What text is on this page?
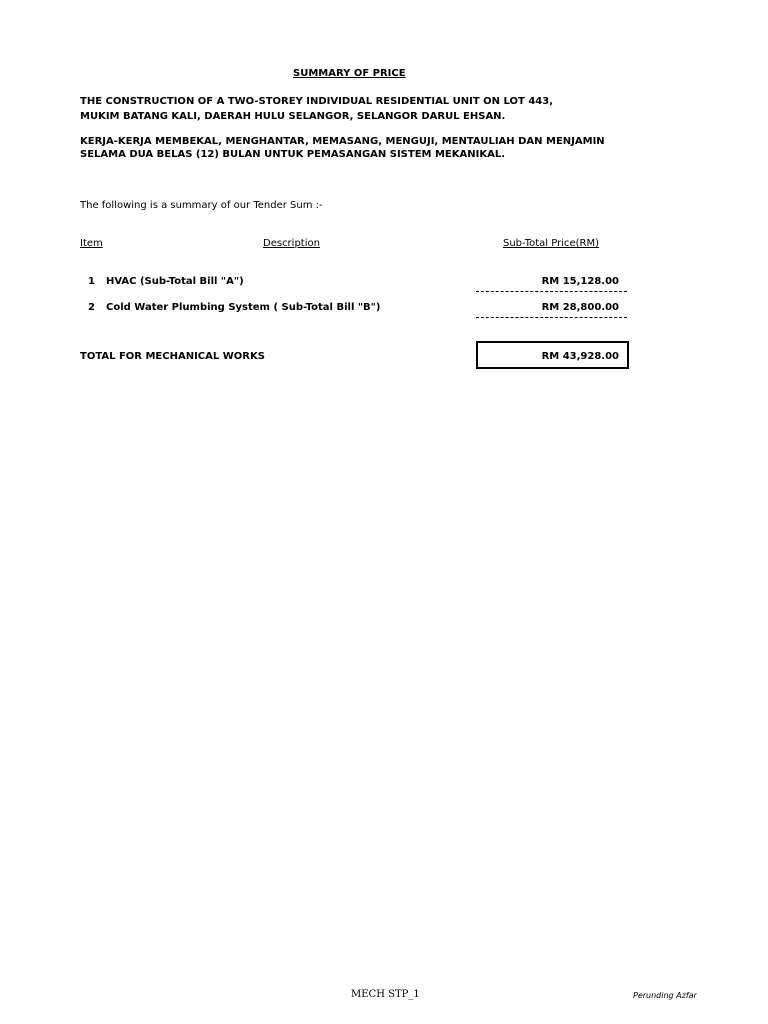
SUMMARY OF PRICE
THE CONSTRUCTION OF A TWO-STOREY INDIVIDUAL RESIDENTIAL UNIT ON LOT 443,
MUKIM BATANG KALI, DAERAH HULU SELANGOR, SELANGOR DARUL EHSAN.
KERJA-KERJA MEMBEKAL, MENGHANTAR, MEMASANG, MENGUJI, MENTAULIAH DAN MENJAMIN
SELAMA DUA BELAS (12) BULAN UNTUK PEMASANGAN SISTEM MEKANIKAL.
The following is a summary of our Tender Sum :-
Item	Description	Sub-Total Price(RM)
1 HVAC (Sub-Total Bill "A")	RM 15,128.00
2 Cold Water Plumbing System ( Sub-Total Bill "B")	RM 28,800.00
TOTAL FOR MECHANICAL WORKS	RM 43,928.00
MECH STP_1	Perunding Azfar
